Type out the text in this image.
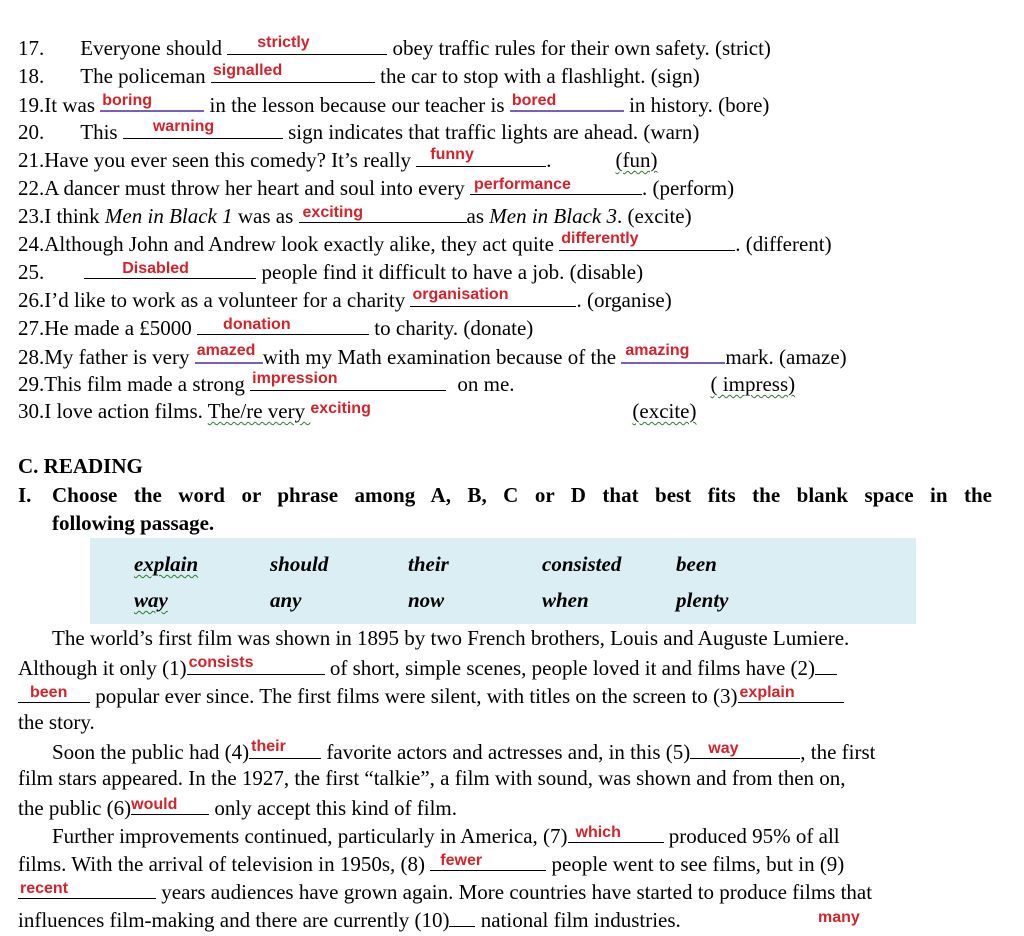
17. Everyone should strictly	obey traffic rules for their own safety. (strict)
18. The policeman signalled	the car to stop with a flashlight. (sign)
19.It was boring in the lesson because our teacher is bored	in history. (bore)
20. This warning	sign indicates that traffic lights are ahead. (warn)
21.Have you ever seen this comedy? It’s really funny	.	(fun)
22.A dancer must throw her heart and soul into every performance	. (perform)
23.I think Men in Black 1 was as exciting	as Men in Black 3. (excite)
24.Although John and Andrew look exactly alike, they act quite differently	. (different)
25.	Disabled	people find it difficult to have a job. (disable)
26.I’d like to work as a volunteer for a charity organisation	. (organise)
27.He made a £5000 donation	to charity. (donate)
28.My father is very amazed with my Math examination because of the amazing mark. (amaze)
29.This film made a strong impression	on me.	( impress)
30.I love action films. The/re very exciting	(excite)
C. READING
I. Choose the word or phrase among A, B, C or D that best fits the blank space in the
following passage.
explain	should	their	consisted	been
way	any	now	when	plenty
The world’s first film was shown in 1895 by two French brothers, Louis and Auguste Lumiere.
Although it only (1) consists	of short, simple scenes, people loved it and films have (2)
been popular ever since. The first films were silent, with titles on the screen to (3) explain
the story.
Soon the public had (4) their favorite actors and actresses and, in this (5) way	, the first
film stars appeared. In the 1927, the first “talkie”, a film with sound, was shown and from then on,
the public (6) would only accept this kind of film.
Further improvements continued, particularly in America, (7) which produced 95% of all
films. With the arrival of television in 1950s, (8) fewer	people went to see films, but in (9)
recent	years audiences have grown again. More countries have started to produce films that
influences film-making and there are currently (10) national film industries.	many
